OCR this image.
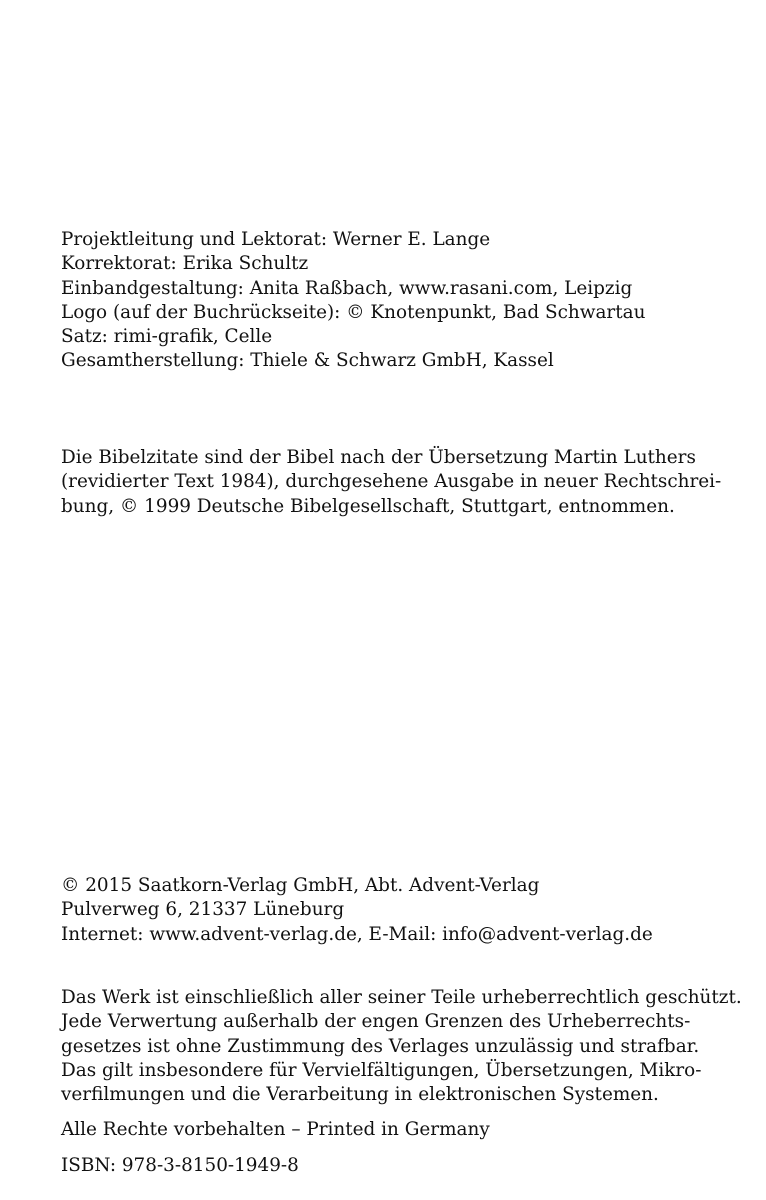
Projektleitung und Lektorat: Werner E. Lange
Korrektorat: Erika Schultz
Einbandgestaltung: Anita Raßbach, www.rasani.com, Leipzig
Logo (auf der Buchrückseite): © Knotenpunkt, Bad Schwartau
Satz: rimi-grafik, Celle
Gesamtherstellung: Thiele & Schwarz GmbH, Kassel
Die Bibelzitate sind der Bibel nach der Übersetzung Martin Luthers
(revidierter Text 1984), durchgesehene Ausgabe in neuer Rechtschrei-
bung, © 1999 Deutsche Bibelgesellschaft, Stuttgart, entnommen.
© 2015 Saatkorn-Verlag GmbH, Abt. Advent-Verlag
Pulverweg 6, 21337 Lüneburg
Internet: www.advent-verlag.de, E-Mail: info@advent-verlag.de
Das Werk ist einschließlich aller seiner Teile urheberrechtlich geschützt.
Jede Verwertung außerhalb der engen Grenzen des Urheberrechts-
gesetzes ist ohne Zustimmung des Verlages unzulässig und strafbar.
Das gilt insbesondere für Vervielfältigungen, Übersetzungen, Mikro-
verfilmungen und die Verarbeitung in elektronischen Systemen.
Alle Rechte vorbehalten – Printed in Germany
ISBN: 978-3-8150-1949-8
